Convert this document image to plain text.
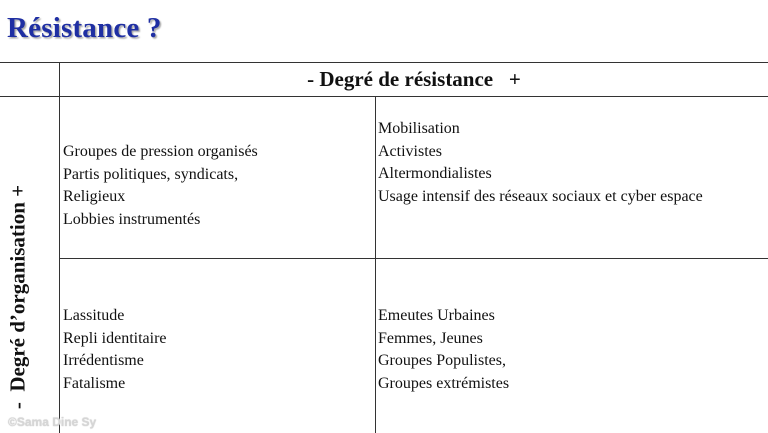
Résistance ?
- Degré de résistance   +
-  Degré d’organisation +
Groupes de pression organisés
Partis politiques, syndicats,
Religieux
Lobbies instrumentés
Mobilisation
Activistes
Altermondialistes
Usage intensif des réseaux sociaux et cyber espace
Lassitude
Repli identitaire
Irrédentisme
Fatalisme
Emeutes Urbaines
Femmes, Jeunes
Groupes Populistes,
Groupes extrémistes
©Sama Dine Sy
